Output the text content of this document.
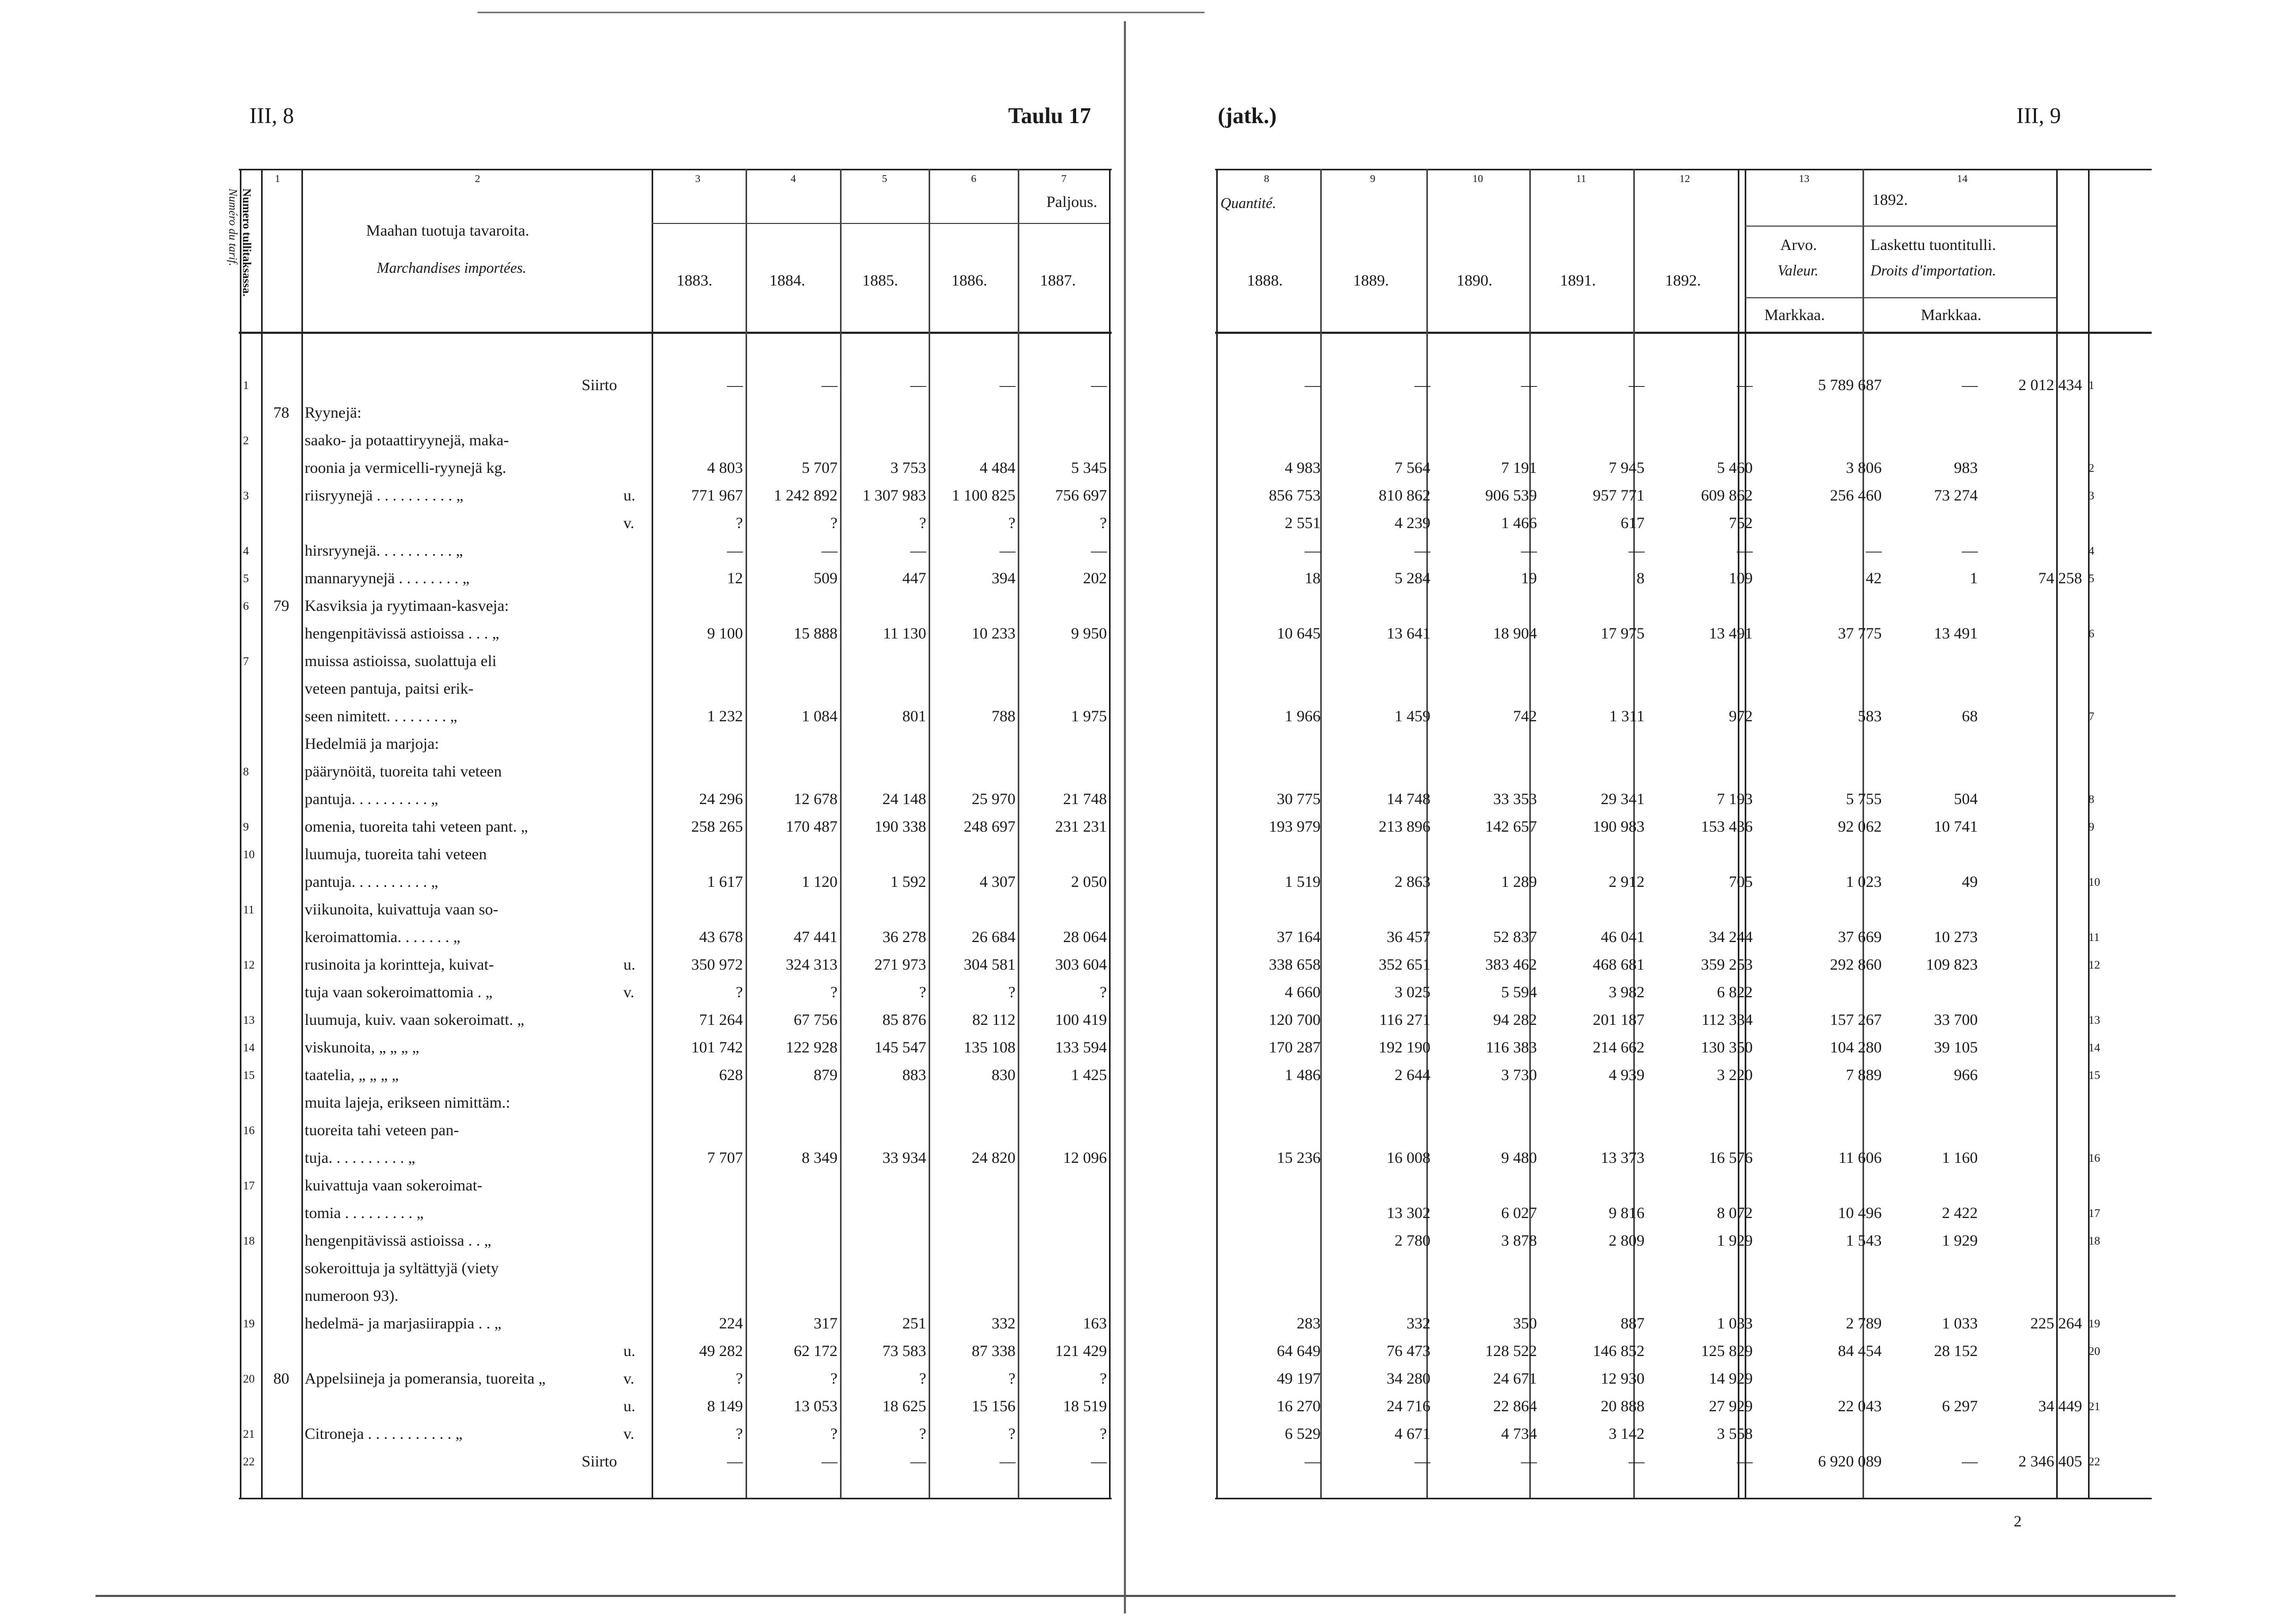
III, 8	Taulu 17
1	2	3	4	5	6	7
Numero tullitaksassa.
Numéro du tarif.	Maahan tuotuja tavaroita.
Marchandises importées.
Paljous.
1883.	1884.	1885.	1886.	1887.
1		Siirto		—	—	—	—	—
	78	Ryynejä:						
2		saako- ja potaattiryynejä, maka-						
		roonia ja vermicelli-ryynejä kg.		4 803	5 707	3 753	4 484	5 345
3		riisryynejä . . . . . . . . . . „	u.	771 967	1 242 892	1 307 983	1 100 825	756 697
			v.	?	?	?	?	?
4		hirsryynejä. . . . . . . . . . „		—	—	—	—	—
5		mannaryynejä . . . . . . . . „		12	509	447	394	202
6	79	Kasviksia ja ryytimaan-kasveja:						
		hengenpitävissä astioissa . . . „		9 100	15 888	11 130	10 233	9 950
7		muissa astioissa, suolattuja eli						
		veteen pantuja, paitsi erik-						
		seen nimitett. . . . . . . . „		1 232	1 084	801	788	1 975
		Hedelmiä ja marjoja:						
8		päärynöitä, tuoreita tahi veteen						
		pantuja. . . . . . . . . . „		24 296	12 678	24 148	25 970	21 748
9		omenia, tuoreita tahi veteen pant. „		258 265	170 487	190 338	248 697	231 231
10		luumuja, tuoreita tahi veteen						
		pantuja. . . . . . . . . . „		1 617	1 120	1 592	4 307	2 050
11		viikunoita, kuivattuja vaan so-						
		keroimattomia. . . . . . . „		43 678	47 441	36 278	26 684	28 064
12		rusinoita ja korintteja, kuivat-	u.	350 972	324 313	271 973	304 581	303 604
		tuja vaan sokeroimattomia . „	v.	?	?	?	?	?
13		luumuja, kuiv. vaan sokeroimatt. „		71 264	67 756	85 876	82 112	100 419
14		viskunoita, „ „ „ „		101 742	122 928	145 547	135 108	133 594
15		taatelia, „ „ „ „		628	879	883	830	1 425
		muita lajeja, erikseen nimittäm.:						
16		tuoreita tahi veteen pan-						
		tuja. . . . . . . . . . „		7 707	8 349	33 934	24 820	12 096
17		kuivattuja vaan sokeroimat-						
		tomia . . . . . . . . . „						
18		hengenpitävissä astioissa . . „						
		sokeroittuja ja syltättyjä (viety						
		numeroon 93).						
19		hedelmä- ja marjasiirappia . . „		224	317	251	332	163
			u.	49 282	62 172	73 583	87 338	121 429
20	80	Appelsiineja ja pomeransia, tuoreita „	v.	?	?	?	?	?
			u.	8 149	13 053	18 625	15 156	18 519
21		Citroneja . . . . . . . . . . . „	v.	?	?	?	?	?
22		Siirto		—	—	—	—	—
(jatk.)	III, 9
8	9	10	11	12	13	14
Quantité.
1888.	1889.	1890.	1891.	1892.
1892.
Arvo.
Valeur.
Markkaa.
Laskettu tuontitulli.
Droits d'importation.
Markkaa.
—	—	—	—	—		5 789 687	—	2 012 434	1

4 983	7 564	7 191	7 945	5 460		3 806	983		2
856 753	810 862	906 539	957 771	609 862		256 460	73 274		3
2 551	4 239	1 466	617	752					
—	—	—	—	—		—	—		4
18	5 284	19	8	109		42	1	74 258	5

10 645	13 641	18 904	17 975	13 491		37 775	13 491		6

1 966	1 459	742	1 311	972		583	68		7

30 775	14 748	33 353	29 341	7 193		5 755	504		8
193 979	213 896	142 657	190 983	153 436		92 062	10 741		9

1 519	2 863	1 289	2 912	705		1 023	49		10

37 164	36 457	52 837	46 041	34 244		37 669	10 273		11
338 658	352 651	383 462	468 681	359 253		292 860	109 823		12
4 660	3 025	5 594	3 982	6 822					
120 700	116 271	94 282	201 187	112 334		157 267	33 700		13
170 287	192 190	116 383	214 662	130 350		104 280	39 105		14
1 486	2 644	3 730	4 939	3 220		7 889	966		15

15 236	16 008	9 480	13 373	16 576		11 606	1 160		16

	13 302	6 027	9 816	8 072		10 496	2 422		17
	2 780	3 878	2 809	1 929		1 543	1 929		18

283	332	350	887	1 033		2 789	1 033	225 264	19
64 649	76 473	128 522	146 852	125 829		84 454	28 152		20
49 197	34 280	24 671	12 930	14 929					
16 270	24 716	22 864	20 888	27 929		22 043	6 297	34 449	21
6 529	4 671	4 734	3 142	3 558					
—	—	—	—	—		6 920 089	—	2 346 405	22
2
